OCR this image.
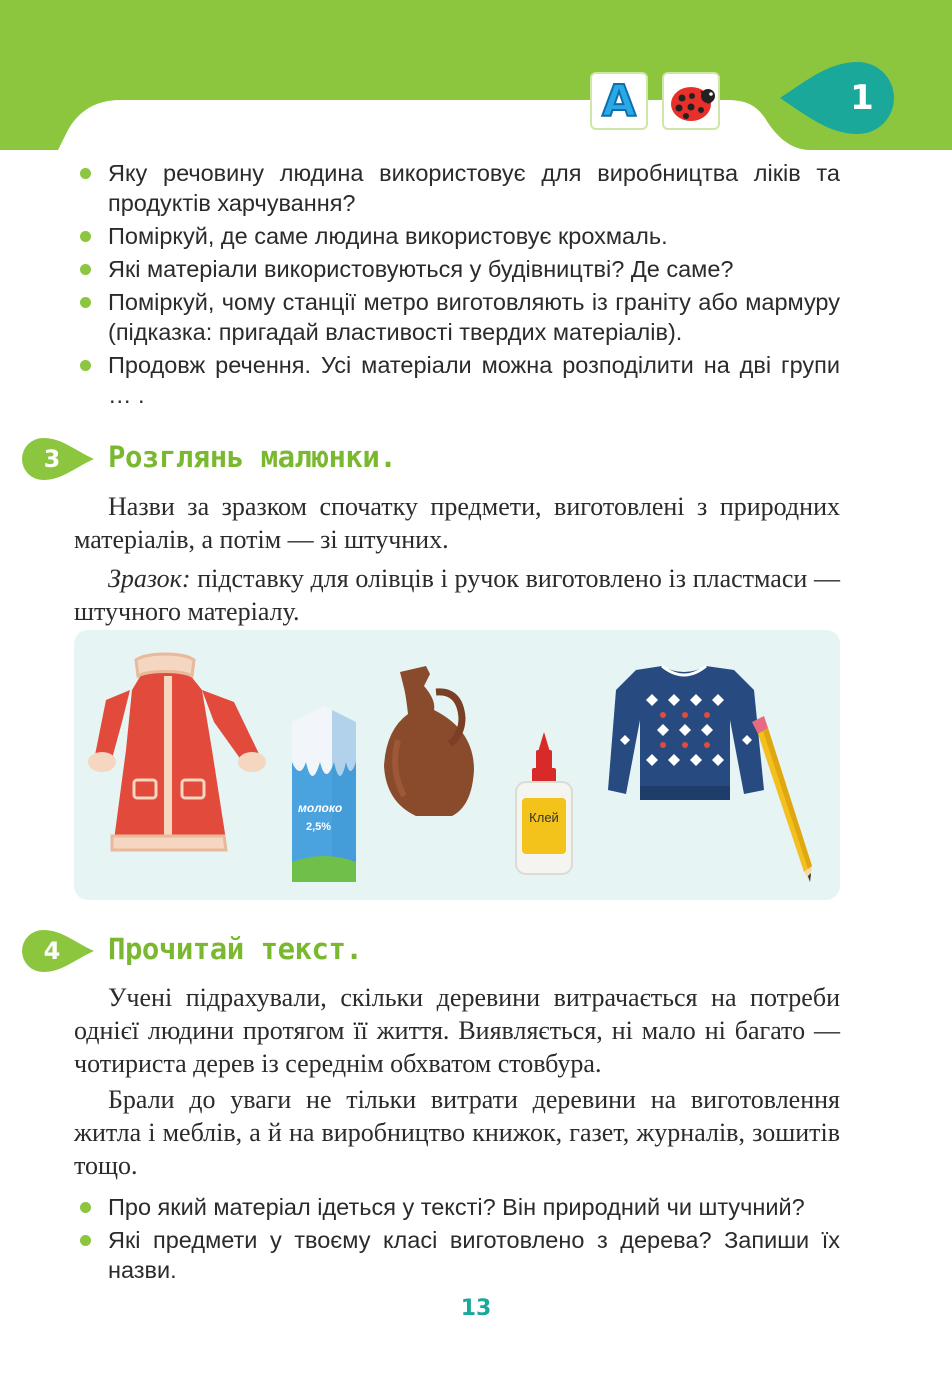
A	1
Яку речовину людина використовує для виробництва ліків та продуктів харчування?
Поміркуй, де саме людина використовує крохмаль.
Які матеріали використовуються у будівництві? Де саме?
Поміркуй, чому станції метро виготовляють із граніту або мармуру (підказка: пригадай властивості твердих матеріалів).
Продовж речення. Усі матеріали можна розподілити на дві групи … .
3	Розглянь малюнки.

Назви за зразком спочатку предмети, виготовлені з природних матеріалів, а потім — зі штучних.

Зразок: підставку для олівців і ручок виготовлено із пластмаси — штучного матеріалу.

молоко
2,5%
Клей
4	Прочитай текст.

Учені підрахували, скільки деревини витрачається на потреби однієї людини протягом її життя. Виявляється, ні мало ні багато — чотириста дерев із середнім обхватом стовбура.

Брали до уваги не тільки витрати деревини на виготовлення житла і меблів, а й на виробництво книжок, газет, журналів, зошитів тощо.

Про який матеріал ідеться у тексті? Він природний чи штучний?
Які предмети у твоєму класі виготовлено з дерева? Запиши їх назви.
13
